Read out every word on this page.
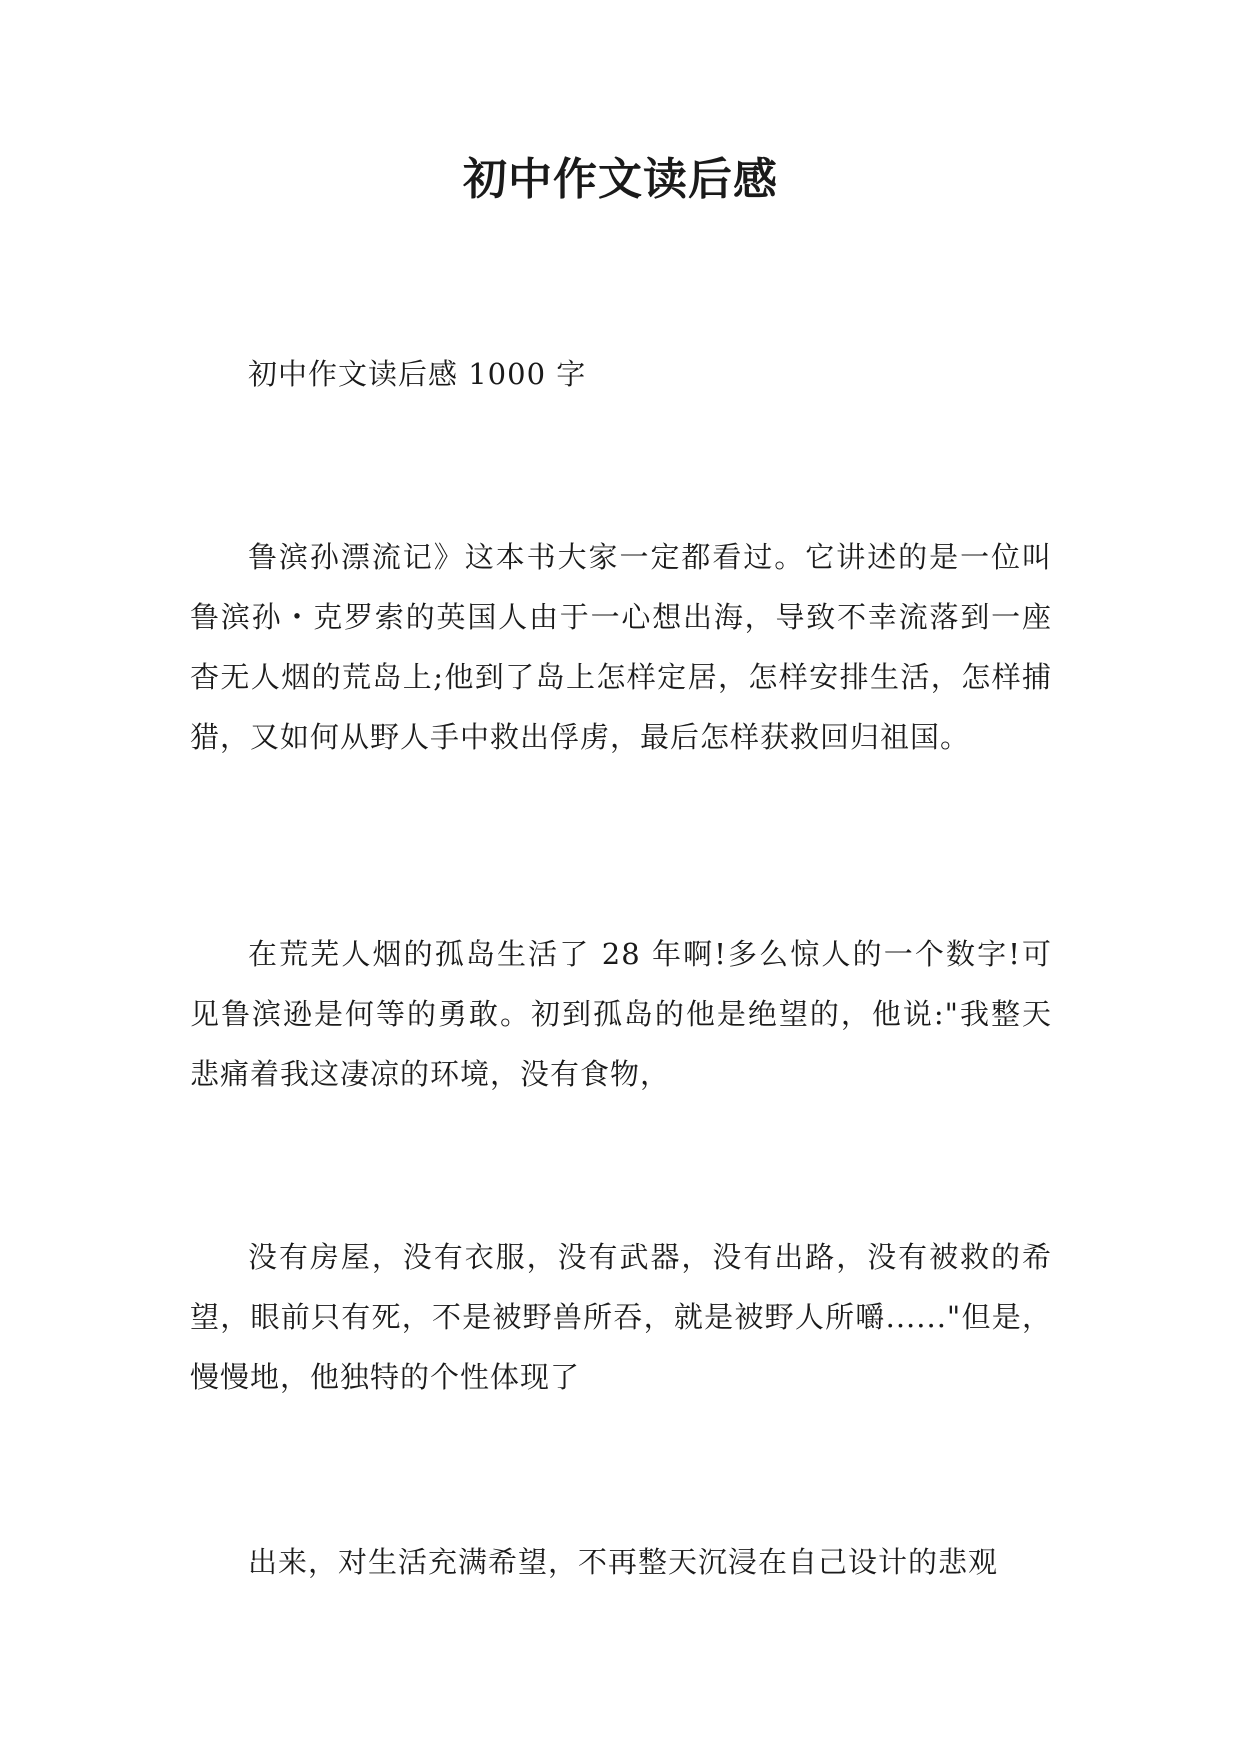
初中作文读后感

初中作文读后感 1000 字

鲁滨孙漂流记》这本书大家一定都看过。它讲述的是一位叫鲁滨孙・克罗索的英国人由于一心想出海，导致不幸流落到一座杳无人烟的荒岛上;他到了岛上怎样定居，怎样安排生活，怎样捕猎，又如何从野人手中救出俘虏，最后怎样获救回归祖国。

在荒芜人烟的孤岛生活了 28 年啊!多么惊人的一个数字!可见鲁滨逊是何等的勇敢。初到孤岛的他是绝望的，他说:"我整天悲痛着我这凄凉的环境，没有食物，

没有房屋，没有衣服，没有武器，没有出路，没有被救的希望，眼前只有死，不是被野兽所吞，就是被野人所嚼......"但是，慢慢地，他独特的个性体现了

出来，对生活充满希望，不再整天沉浸在自己设计的悲观
